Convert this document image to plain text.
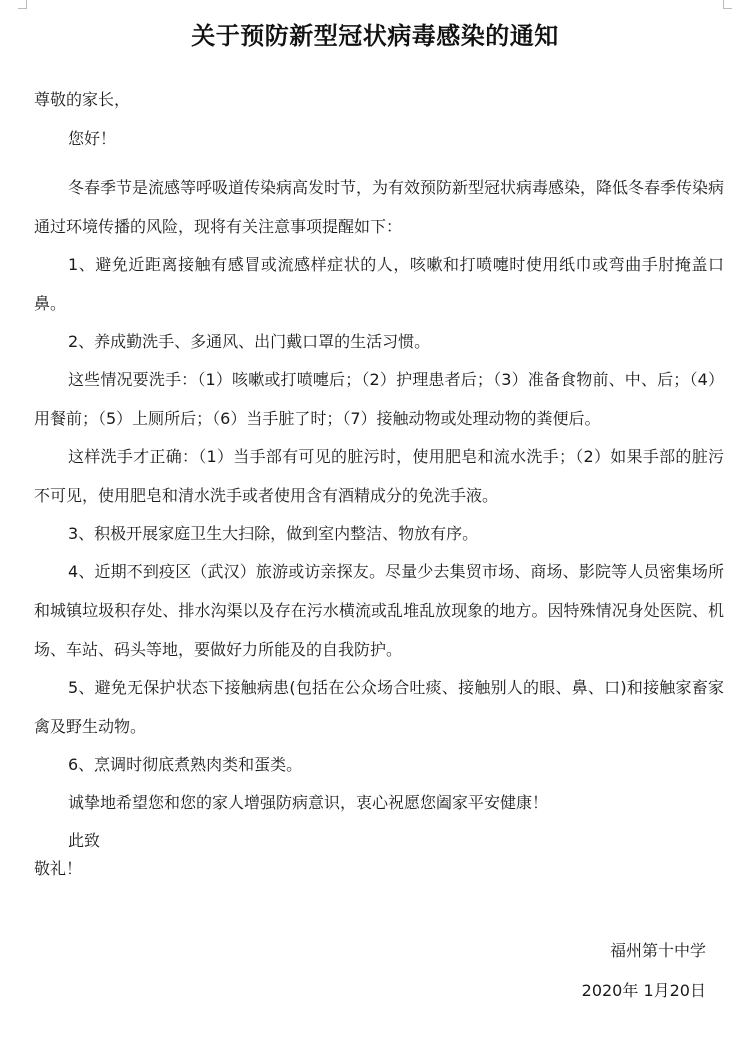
关于预防新型冠状病毒感染的通知
尊敬的家长，
您好！
冬春季节是流感等呼吸道传染病高发时节，为有效预防新型冠状病毒感染，降低冬春季传染病通过环境传播的风险，现将有关注意事项提醒如下：
1、避免近距离接触有感冒或流感样症状的人，咳嗽和打喷嚏时使用纸巾或弯曲手肘掩盖口鼻。
2、养成勤洗手、多通风、出门戴口罩的生活习惯。
这些情况要洗手：（1）咳嗽或打喷嚏后；（2）护理患者后；（3）准备食物前、中、后；（4）用餐前；（5）上厕所后；（6）当手脏了时；（7）接触动物或处理动物的粪便后。
这样洗手才正确：（1）当手部有可见的脏污时，使用肥皂和流水洗手；（2）如果手部的脏污不可见，使用肥皂和清水洗手或者使用含有酒精成分的免洗手液。
3、积极开展家庭卫生大扫除，做到室内整洁、物放有序。
4、近期不到疫区（武汉）旅游或访亲探友。尽量少去集贸市场、商场、影院等人员密集场所和城镇垃圾积存处、排水沟渠以及存在污水横流或乱堆乱放现象的地方。因特殊情况身处医院、机场、车站、码头等地，要做好力所能及的自我防护。
5、避免无保护状态下接触病患(包括在公众场合吐痰、接触别人的眼、鼻、口)和接触家畜家禽及野生动物。
6、烹调时彻底煮熟肉类和蛋类。
诚挚地希望您和您的家人增强防病意识，衷心祝愿您阖家平安健康！
此致
敬礼！
福州第十中学
2020年 1月20日
